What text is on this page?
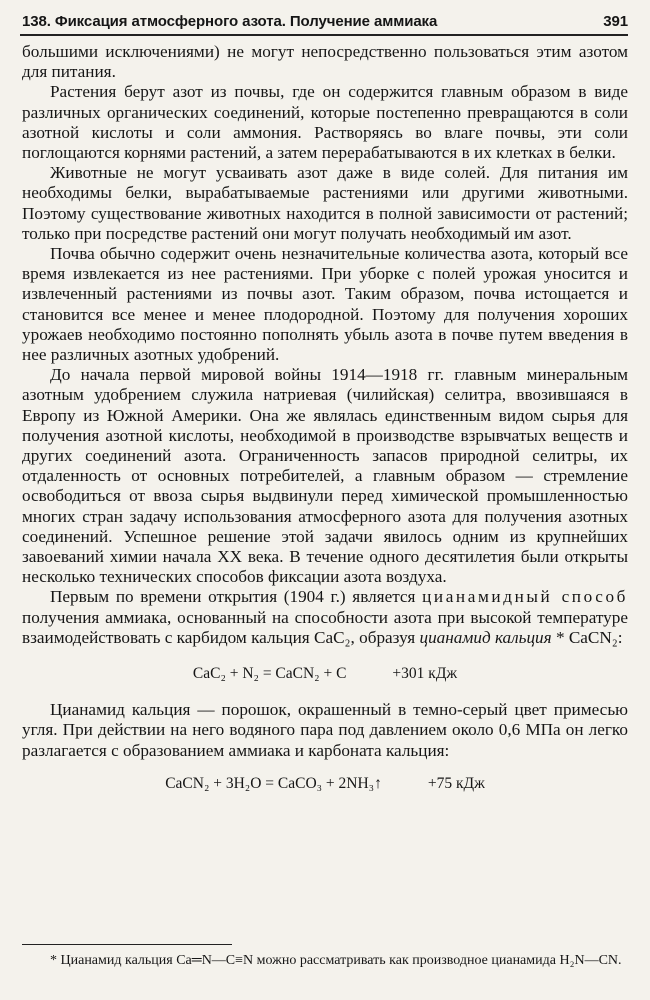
138. Фиксация атмосферного азота. Получение аммиака	391

большими исключениями) не могут непосредственно пользоваться этим азотом для питания.

Растения берут азот из почвы, где он содержится главным образом в виде различных органических соединений, которые постепенно превращаются в соли азотной кислоты и соли аммония. Растворяясь во влаге почвы, эти соли поглощаются корнями растений, а затем перерабатываются в их клетках в белки.

Животные не могут усваивать азот даже в виде солей. Для питания им необходимы белки, вырабатываемые растениями или другими животными. Поэтому существование животных находится в полной зависимости от растений; только при посредстве растений они могут получать необходимый им азот.

Почва обычно содержит очень незначительные количества азота, который все время извлекается из нее растениями. При уборке с полей урожая уносится и извлеченный растениями из почвы азот. Таким образом, почва истощается и становится все менее и менее плодородной. Поэтому для получения хороших урожаев необходимо постоянно пополнять убыль азота в почве путем введения в нее различных азотных удобрений.

До начала первой мировой войны 1914—1918 гг. главным минеральным азотным удобрением служила натриевая (чилийская) селитра, ввозившаяся в Европу из Южной Америки. Она же являлась единственным видом сырья для получения азотной кислоты, необходимой в производстве взрывчатых веществ и других соединений азота. Ограниченность запасов природной селитры, их отдаленность от основных потребителей, а главным образом — стремление освободиться от ввоза сырья выдвинули перед химической промышленностью многих стран задачу использования атмосферного азота для получения азотных соединений. Успешное решение этой задачи явилось одним из крупнейших завоеваний химии начала XX века. В течение одного десятилетия были открыты несколько технических способов фиксации азота воздуха.

Первым по времени открытия (1904 г.) является цианамидный способ получения аммиака, основанный на способности азота при высокой температуре взаимодействовать с карбидом кальция CaC₂, образуя цианамид кальция * CaCN₂:

CaC₂ + N₂ = CaCN₂ + C	+301 кДж

Цианамид кальция — порошок, окрашенный в темно-серый цвет примесью угля. При действии на него водяного пара под давлением около 0,6 МПа он легко разлагается с образованием аммиака и карбоната кальция:

CaCN₂ + 3H₂O = CaCO₃ + 2NH₃↑	+75 кДж

* Цианамид кальция Ca═N—C≡N можно рассматривать как производное цианамида H₂N—CN.
